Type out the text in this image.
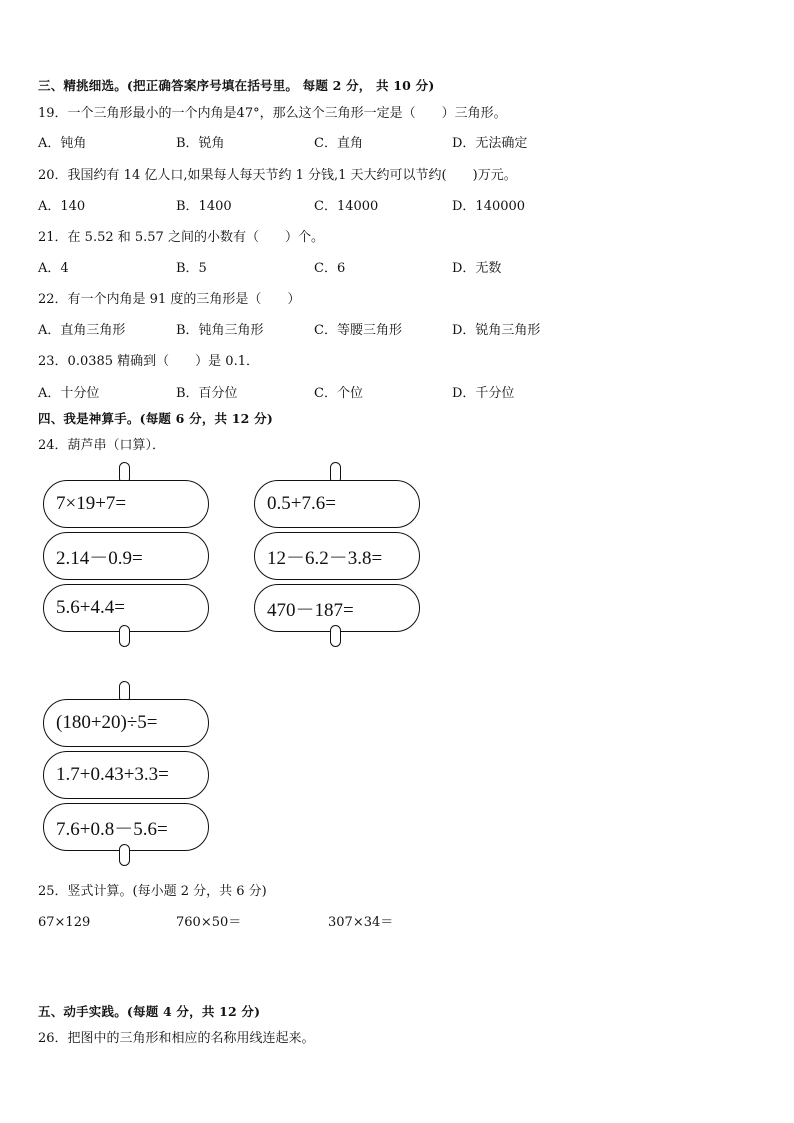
三、精挑细选。(把正确答案序号填在括号里。 每题 2 分， 共 10 分)
19．一个三角形最小的一个内角是47°，那么这个三角形一定是（　　）三角形。
A．钝角	B．锐角	C．直角	D．无法确定
20．我国约有 14 亿人口,如果每人每天节约 1 分钱,1 天大约可以节约(　　)万元。
A．140	B．1400	C．14000	D．140000
21．在 5.52 和 5.57 之间的小数有（　　）个。
A．4	B．5	C．6	D．无数
22．有一个内角是 91 度的三角形是（　　）
A．直角三角形	B．钝角三角形	C．等腰三角形	D．锐角三角形
23．0.0385 精确到（　　）是 0.1．
A．十分位	B．百分位	C．个位	D．千分位
四、我是神算手。(每题 6 分，共 12 分)
24．葫芦串（口算）．
7×19+7=
2.14－0.9=
5.6+4.4=
0.5+7.6=
12－6.2－3.8=
470－187=
(180+20)÷5=
1.7+0.43+3.3=
7.6+0.8－5.6=
25．竖式计算。(每小题 2 分，共 6 分)
67×129	760×50＝	307×34＝
五、动手实践。(每题 4 分，共 12 分)
26．把图中的三角形和相应的名称用线连起来。
